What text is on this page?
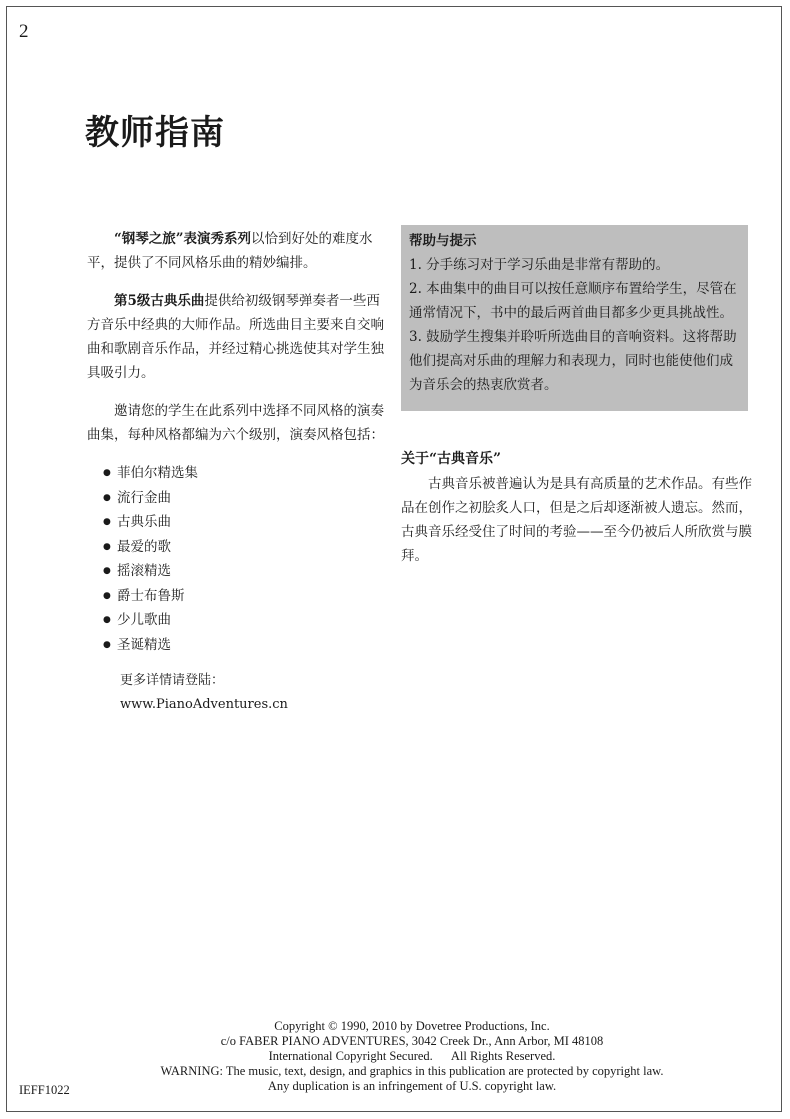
2
教师指南

“钢琴之旅”表演秀系列以恰到好处的难度水平，提供了不同风格乐曲的精妙编排。

第5级古典乐曲提供给初级钢琴弹奏者一些西方音乐中经典的大师作品。所选曲目主要来自交响曲和歌剧音乐作品，并经过精心挑选使其对学生独具吸引力。

邀请您的学生在此系列中选择不同风格的演奏曲集，每种风格都编为六个级别，演奏风格包括：

● 菲伯尔精选集
● 流行金曲
● 古典乐曲
● 最爱的歌
● 摇滚精选
● 爵士布鲁斯
● 少儿歌曲
● 圣诞精选
更多详情请登陆：
www.PianoAdventures.cn
帮助与提示

1. 分手练习对于学习乐曲是非常有帮助的。

2. 本曲集中的曲目可以按任意顺序布置给学生，尽管在通常情况下，书中的最后两首曲目都多少更具挑战性。

3. 鼓励学生搜集并聆听所选曲目的音响资料。这将帮助他们提高对乐曲的理解力和表现力，同时也能使他们成为音乐会的热衷欣赏者。

关于“古典音乐”

古典音乐被普遍认为是具有高质量的艺术作品。有些作品在创作之初脍炙人口，但是之后却逐渐被人遗忘。然而，古典音乐经受住了时间的考验——至今仍被后人所欣赏与膜拜。

Copyright © 1990, 2010 by Dovetree Productions, Inc.
c/o FABER PIANO ADVENTURES, 3042 Creek Dr., Ann Arbor, MI 48108
International Copyright Secured.      All Rights Reserved.
WARNING: The music, text, design, and graphics in this publication are protected by copyright law.
Any duplication is an infringement of U.S. copyright law.
IEFF1022
